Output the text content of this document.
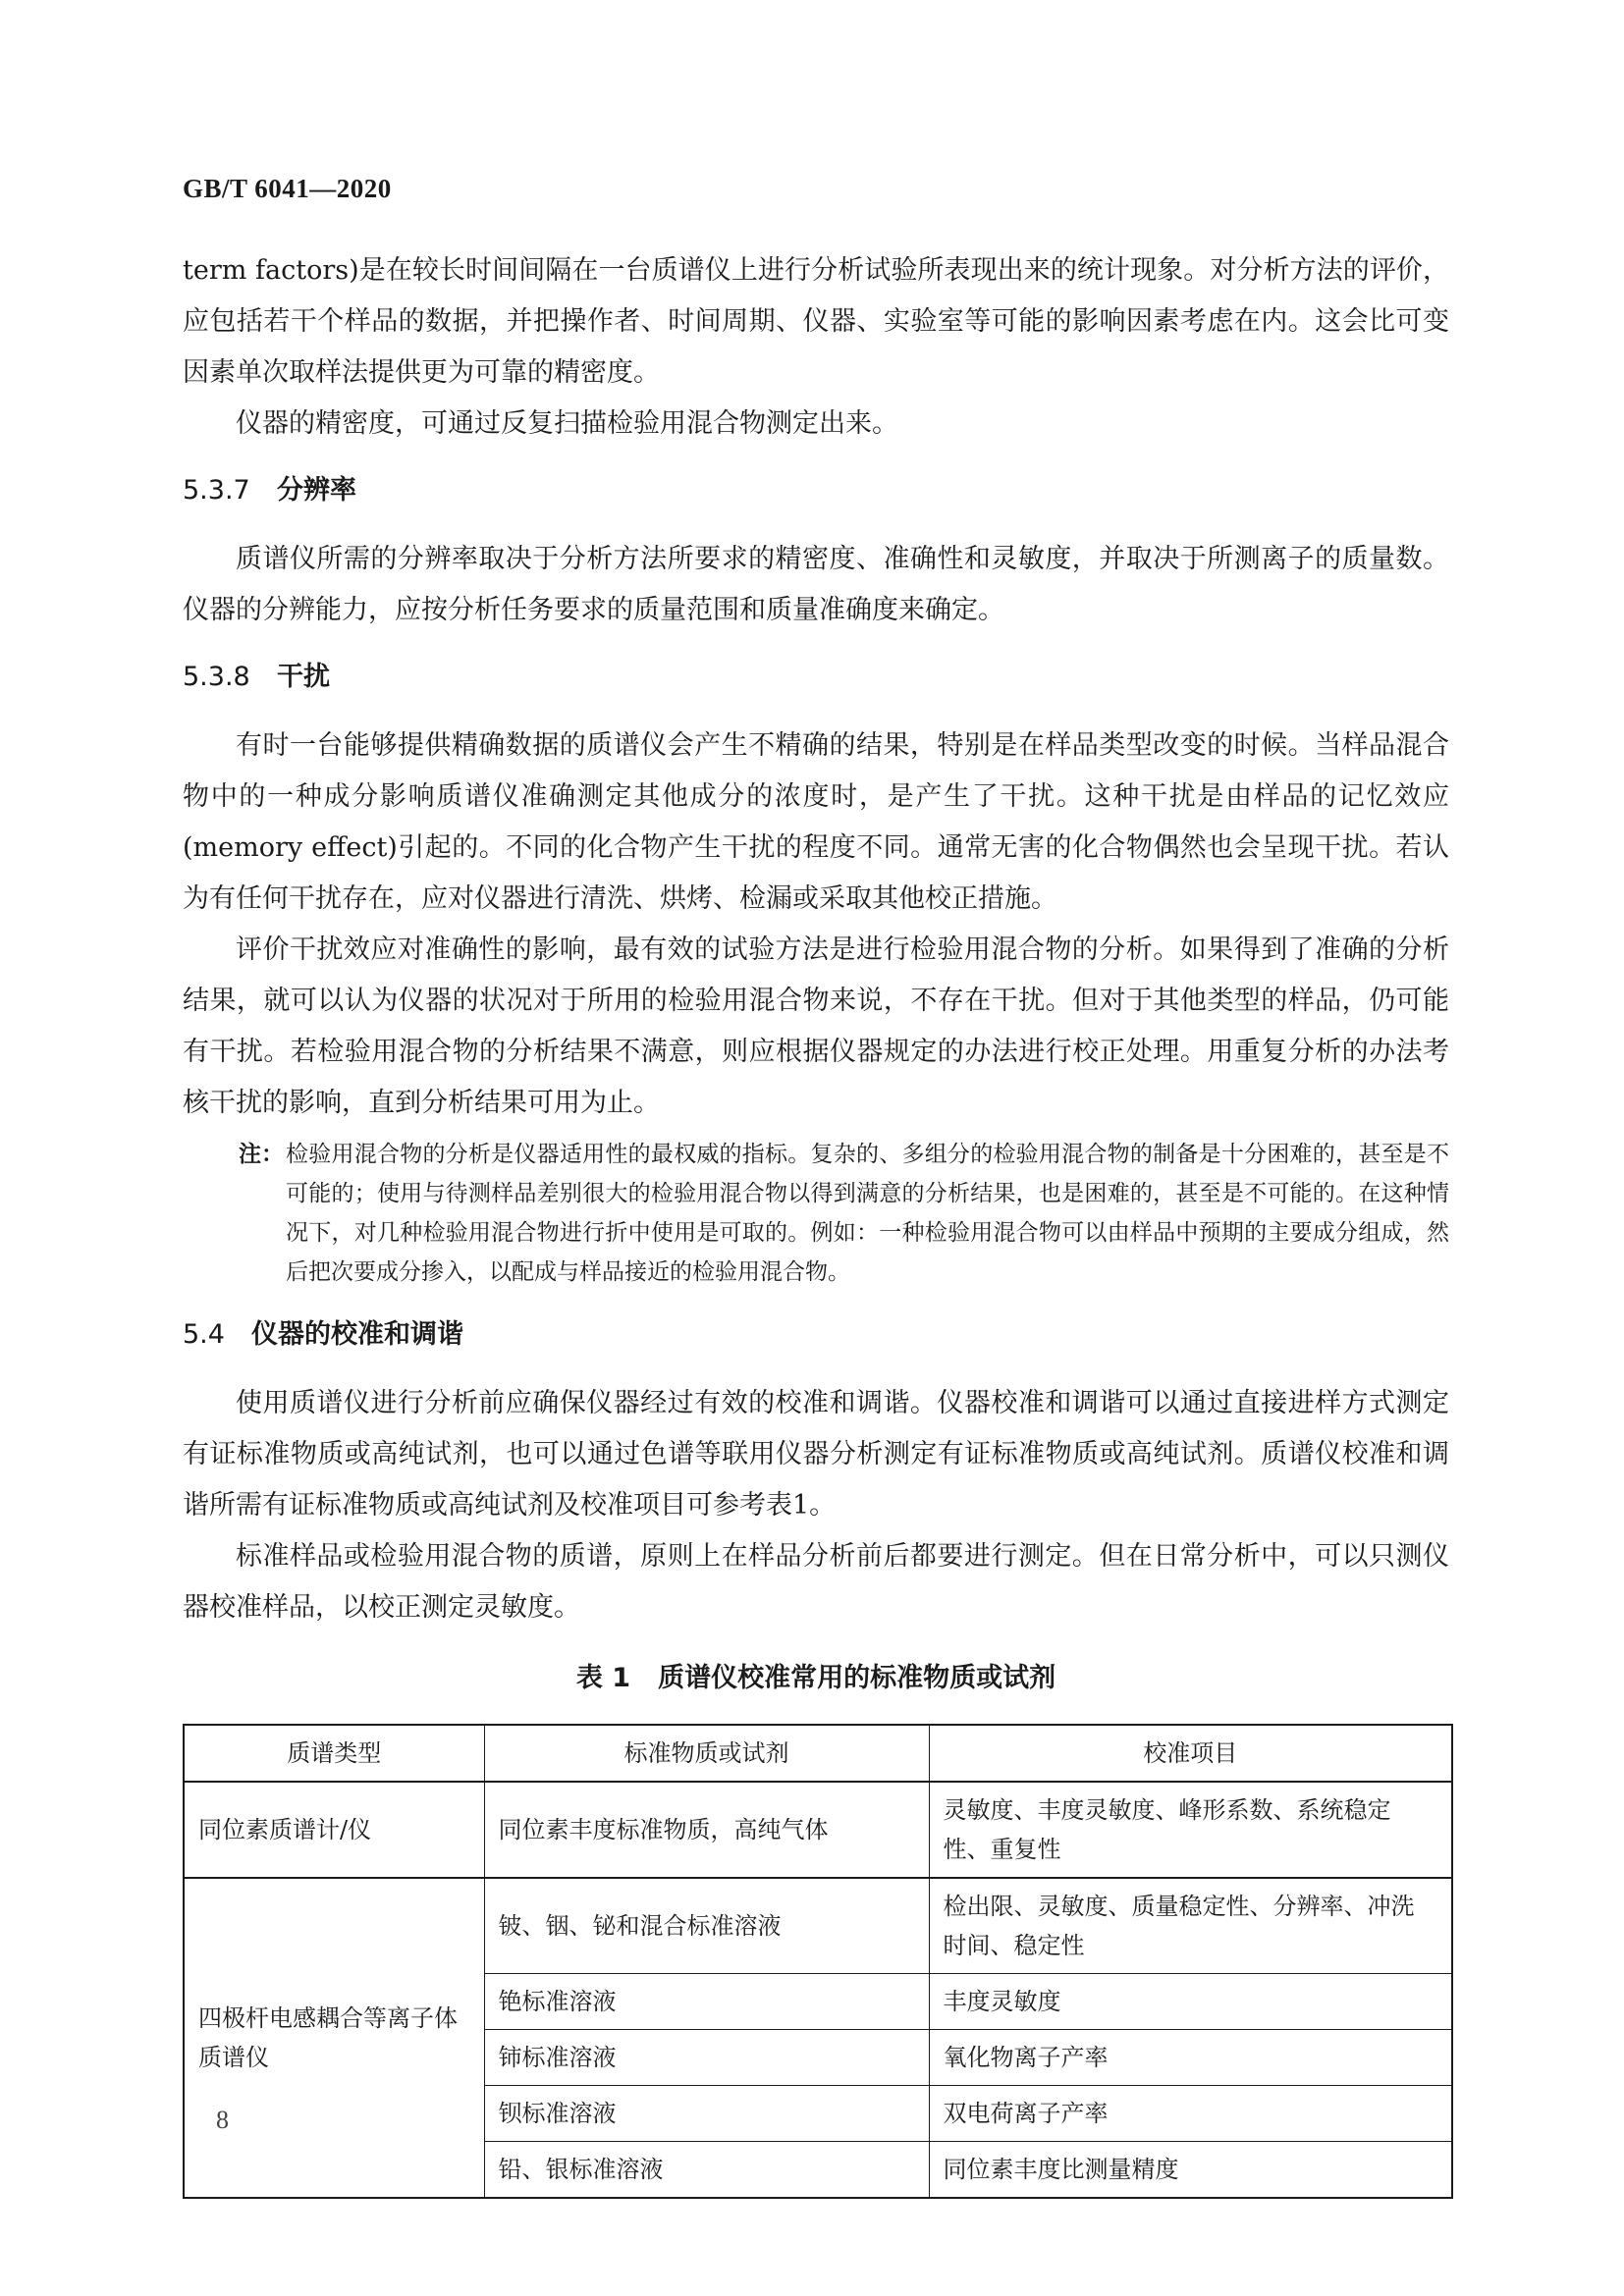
GB/T 6041—2020

term factors)是在较长时间间隔在一台质谱仪上进行分析试验所表现出来的统计现象。对分析方法的评价，应包括若干个样品的数据，并把操作者、时间周期、仪器、实验室等可能的影响因素考虑在内。这会比可变因素单次取样法提供更为可靠的精密度。

仪器的精密度，可通过反复扫描检验用混合物测定出来。

5.3.7 分辨率

质谱仪所需的分辨率取决于分析方法所要求的精密度、准确性和灵敏度，并取决于所测离子的质量数。仪器的分辨能力，应按分析任务要求的质量范围和质量准确度来确定。

5.3.8 干扰

有时一台能够提供精确数据的质谱仪会产生不精确的结果，特别是在样品类型改变的时候。当样品混合物中的一种成分影响质谱仪准确测定其他成分的浓度时，是产生了干扰。这种干扰是由样品的记忆效应(memory effect)引起的。不同的化合物产生干扰的程度不同。通常无害的化合物偶然也会呈现干扰。若认为有任何干扰存在，应对仪器进行清洗、烘烤、检漏或采取其他校正措施。

评价干扰效应对准确性的影响，最有效的试验方法是进行检验用混合物的分析。如果得到了准确的分析结果，就可以认为仪器的状况对于所用的检验用混合物来说，不存在干扰。但对于其他类型的样品，仍可能有干扰。若检验用混合物的分析结果不满意，则应根据仪器规定的办法进行校正处理。用重复分析的办法考核干扰的影响，直到分析结果可用为止。

注： 检验用混合物的分析是仪器适用性的最权威的指标。复杂的、多组分的检验用混合物的制备是十分困难的，甚至是不可能的；使用与待测样品差别很大的检验用混合物以得到满意的分析结果，也是困难的，甚至是不可能的。在这种情况下，对几种检验用混合物进行折中使用是可取的。例如：一种检验用混合物可以由样品中预期的主要成分组成，然后把次要成分掺入，以配成与样品接近的检验用混合物。
5.4 仪器的校准和调谐

使用质谱仪进行分析前应确保仪器经过有效的校准和调谐。仪器校准和调谐可以通过直接进样方式测定有证标准物质或高纯试剂，也可以通过色谱等联用仪器分析测定有证标准物质或高纯试剂。质谱仪校准和调谐所需有证标准物质或高纯试剂及校准项目可参考表1。

标准样品或检验用混合物的质谱，原则上在样品分析前后都要进行测定。但在日常分析中，可以只测仪器校准样品，以校正测定灵敏度。

表 1 质谱仪校准常用的标准物质或试剂
质谱类型	标准物质或试剂	校准项目
同位素质谱计/仪	同位素丰度标准物质，高纯气体	灵敏度、丰度灵敏度、峰形系数、系统稳定性、重复性
四极杆电感耦合等离子体质谱仪	铍、铟、铋和混合标准溶液	检出限、灵敏度、质量稳定性、分辨率、冲洗时间、稳定性
	铯标准溶液	丰度灵敏度
	铈标准溶液	氧化物离子产率
	钡标准溶液	双电荷离子产率
	铅、银标准溶液	同位素丰度比测量精度
8
